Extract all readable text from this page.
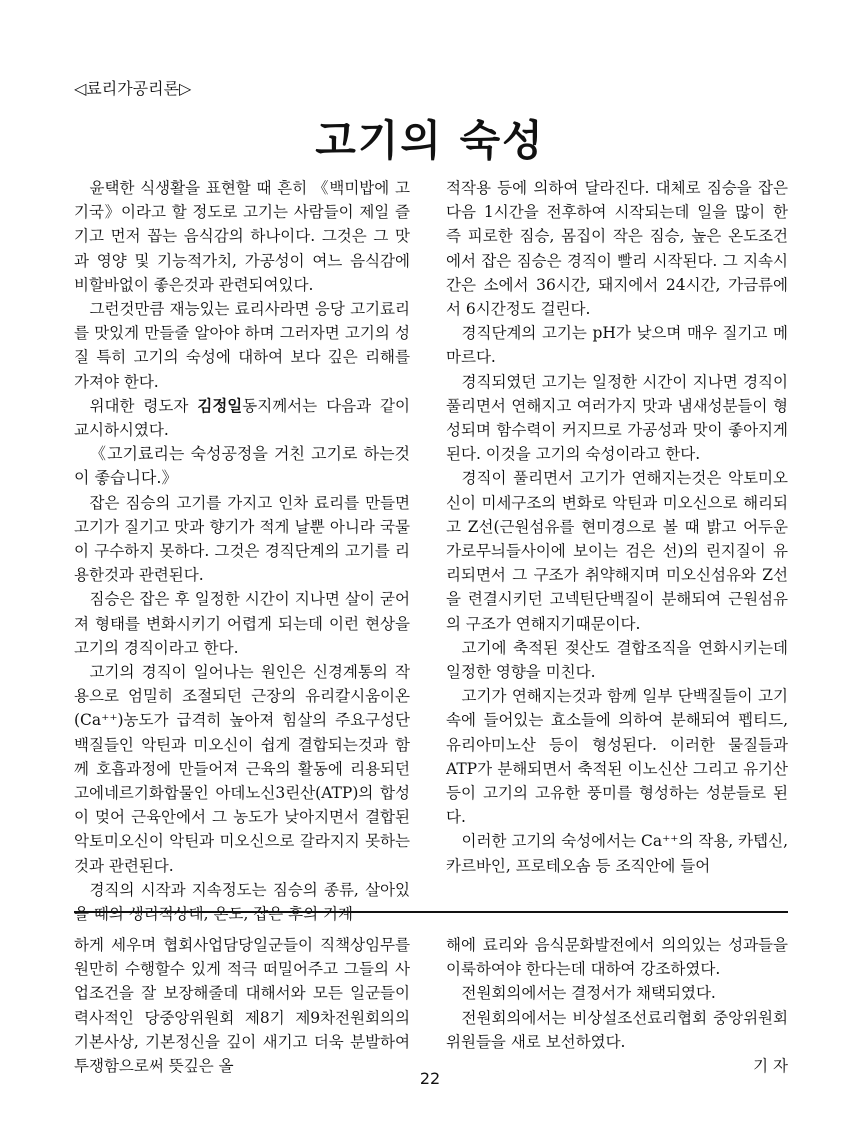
◁료리가공리론▷
고기의 숙성

윤택한 식생활을 표현할 때 흔히 《백미밥에 고기국》이라고 할 정도로 고기는 사람들이 제일 즐기고 먼저 꼽는 음식감의 하나이다. 그것은 그 맛과 영양 및 기능적가치, 가공성이 여느 음식감에 비할바없이 좋은것과 관련되여있다.

그런것만큼 재능있는 료리사라면 응당 고기료리를 맛있게 만들줄 알아야 하며 그러자면 고기의 성질 특히 고기의 숙성에 대하여 보다 깊은 리해를 가져야 한다.

위대한 령도자 김정일동지께서는 다음과 같이 교시하시였다.

《고기료리는 숙성공정을 거친 고기로 하는것이 좋습니다.》

잡은 짐승의 고기를 가지고 인차 료리를 만들면 고기가 질기고 맛과 향기가 적게 날뿐 아니라 국물이 구수하지 못하다. 그것은 경직단계의 고기를 리용한것과 관련된다.

짐승은 잡은 후 일정한 시간이 지나면 살이 굳어져 형태를 변화시키기 어렵게 되는데 이런 현상을 고기의 경직이라고 한다.

고기의 경직이 일어나는 원인은 신경계통의 작용으로 엄밀히 조절되던 근장의 유리칼시움이온(Ca⁺⁺)농도가 급격히 높아져 힘살의 주요구성단백질들인 악틴과 미오신이 쉽게 결합되는것과 함께 호흡과정에 만들어져 근육의 활동에 리용되던 고에네르기화합물인 아데노신3린산(ATP)의 합성이 멎어 근육안에서 그 농도가 낮아지면서 결합된 악토미오신이 악틴과 미오신으로 갈라지지 못하는것과 관련된다.

경직의 시작과 지속정도는 짐승의 종류, 살아있을 때의 생리적상태, 온도, 잡은 후의 기계

적작용 등에 의하여 달라진다. 대체로 짐승을 잡은 다음 1시간을 전후하여 시작되는데 일을 많이 한 즉 피로한 짐승, 몸집이 작은 짐승, 높은 온도조건에서 잡은 짐승은 경직이 빨리 시작된다. 그 지속시간은 소에서 36시간, 돼지에서 24시간, 가금류에서 6시간정도 걸린다.

경직단계의 고기는 pH가 낮으며 매우 질기고 메마르다.

경직되였던 고기는 일정한 시간이 지나면 경직이 풀리면서 연해지고 여러가지 맛과 냄새성분들이 형성되며 함수력이 커지므로 가공성과 맛이 좋아지게 된다. 이것을 고기의 숙성이라고 한다.

경직이 풀리면서 고기가 연해지는것은 악토미오신이 미세구조의 변화로 악틴과 미오신으로 해리되고 Z선(근원섬유를 현미경으로 볼 때 밝고 어두운 가로무늬들사이에 보이는 검은 선)의 린지질이 유리되면서 그 구조가 취약해지며 미오신섬유와 Z선을 련결시키던 고넥틴단백질이 분해되여 근원섬유의 구조가 연해지기때문이다.

고기에 축적된 젖산도 결합조직을 연화시키는데 일정한 영향을 미친다.

고기가 연해지는것과 함께 일부 단백질들이 고기속에 들어있는 효소들에 의하여 분해되여 펩티드, 유리아미노산 등이 형성된다. 이러한 물질들과 ATP가 분해되면서 축적된 이노신산 그리고 유기산 등이 고기의 고유한 풍미를 형성하는 성분들로 된다.

이러한 고기의 숙성에서는 Ca⁺⁺의 작용, 카텝신, 카르바인, 프로테오솜 등 조직안에 들어

하게 세우며 협회사업담당일군들이 직책상임무를 원만히 수행할수 있게 적극 떠밀어주고 그들의 사업조건을 잘 보장해줄데 대해서와 모든 일군들이 력사적인 당중앙위원회 제8기 제9차전원회의의 기본사상, 기본정신을 깊이 새기고 더욱 분발하여 투쟁함으로써 뜻깊은 올

해에 료리와 음식문화발전에서 의의있는 성과들을 이룩하여야 한다는데 대하여 강조하였다.

전원회의에서는 결정서가 채택되였다.

전원회의에서는 비상설조선료리협회 중앙위원회 위원들을 새로 보선하였다.

기 자

22
